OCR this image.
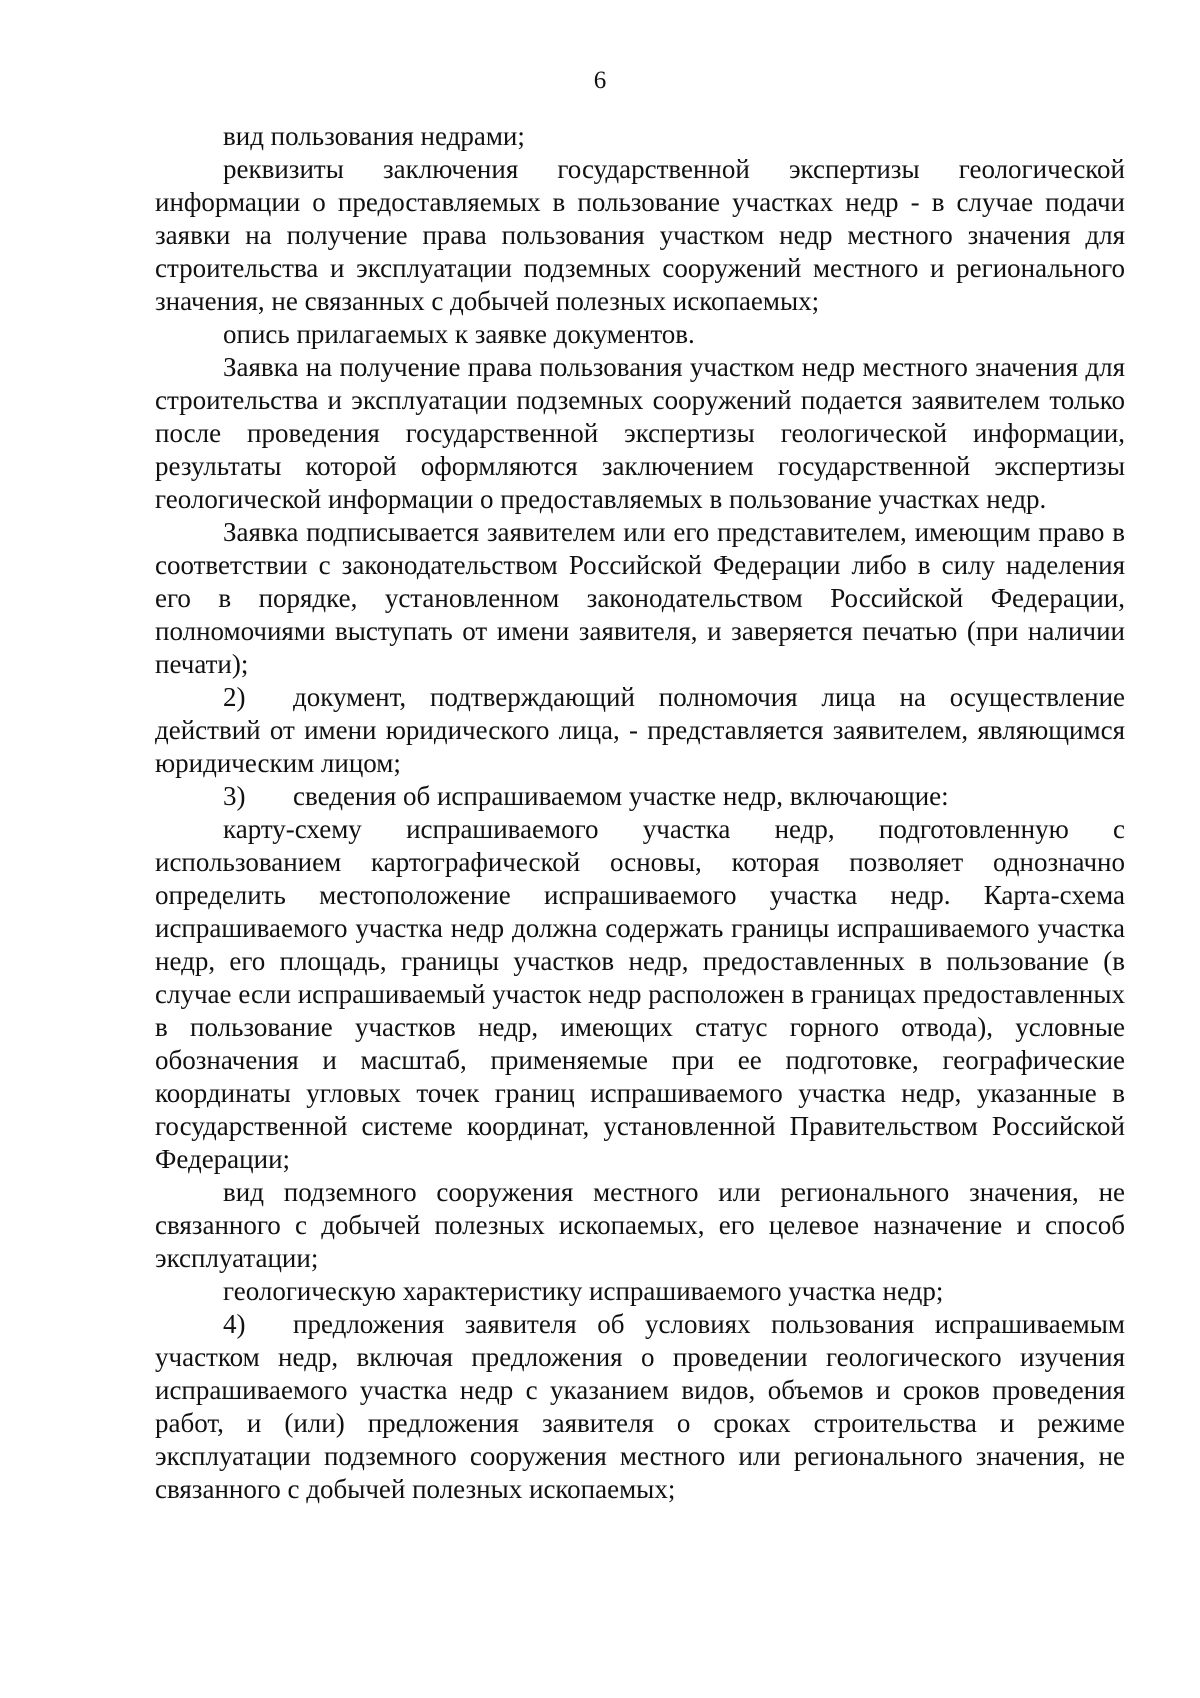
6

вид пользования недрами;

реквизиты заключения государственной экспертизы геологической информации о предоставляемых в пользование участках недр - в случае подачи заявки на получение права пользования участком недр местного значения для строительства и эксплуатации подземных сооружений местного и регионального значения, не связанных с добычей полезных ископаемых;

опись прилагаемых к заявке документов.

Заявка на получение права пользования участком недр местного значения для строительства и эксплуатации подземных сооружений подается заявителем только после проведения государственной экспертизы геологической информации, результаты которой оформляются заключением государственной экспертизы геологической информации о предоставляемых в пользование участках недр.

Заявка подписывается заявителем или его представителем, имеющим право в соответствии с законодательством Российской Федерации либо в силу наделения его в порядке, установленном законодательством Российской Федерации, полномочиями выступать от имени заявителя, и заверяется печатью (при наличии печати);

2) документ, подтверждающий полномочия лица на осуществление действий от имени юридического лица, - представляется заявителем, являющимся юридическим лицом;

3) сведения об испрашиваемом участке недр, включающие:

карту-схему испрашиваемого участка недр, подготовленную с использованием картографической основы, которая позволяет однозначно определить местоположение испрашиваемого участка недр. Карта-схема испрашиваемого участка недр должна содержать границы испрашиваемого участка недр, его площадь, границы участков недр, предоставленных в пользование (в случае если испрашиваемый участок недр расположен в границах предоставленных в пользование участков недр, имеющих статус горного отвода), условные обозначения и масштаб, применяемые при ее подготовке, географические координаты угловых точек границ испрашиваемого участка недр, указанные в государственной системе координат, установленной Правительством Российской Федерации;

вид подземного сооружения местного или регионального значения, не связанного с добычей полезных ископаемых, его целевое назначение и способ эксплуатации;

геологическую характеристику испрашиваемого участка недр;

4) предложения заявителя об условиях пользования испрашиваемым участком недр, включая предложения о проведении геологического изучения испрашиваемого участка недр с указанием видов, объемов и сроков проведения работ, и (или) предложения заявителя о сроках строительства и режиме эксплуатации подземного сооружения местного или регионального значения, не связанного с добычей полезных ископаемых;
